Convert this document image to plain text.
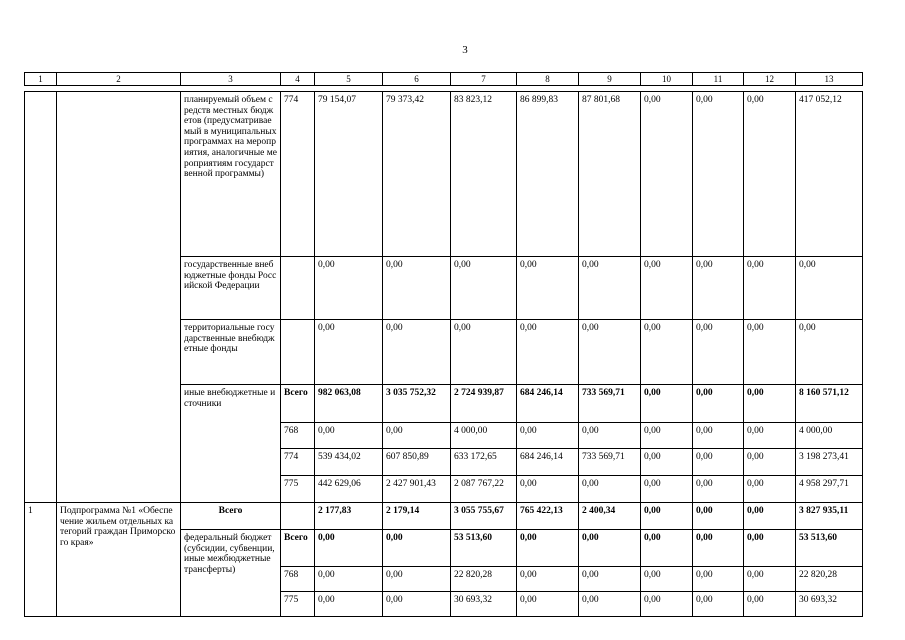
3
1	2	3	4	5	6	7	8	9	10	11	12	13
		планируемый объем средств местных бюджетов (предусматриваемый в муниципальных программах на мероприятия, аналогичные мероприятиям государственной программы)	774	79 154,07	79 373,42	83 823,12	86 899,83	87 801,68	0,00	0,00	0,00	417 052,12
		государственные внебюджетные фонды Российской Федерации		0,00	0,00	0,00	0,00	0,00	0,00	0,00	0,00	0,00
		территориальные государственные внебюджетные фонды		0,00	0,00	0,00	0,00	0,00	0,00	0,00	0,00	0,00
		иные внебюджетные источники	Всего	982 063,08	3 035 752,32	2 724 939,87	684 246,14	733 569,71	0,00	0,00	0,00	8 160 571,12
			768	0,00	0,00	4 000,00	0,00	0,00	0,00	0,00	0,00	4 000,00
			774	539 434,02	607 850,89	633 172,65	684 246,14	733 569,71	0,00	0,00	0,00	3 198 273,41
			775	442 629,06	2 427 901,43	2 087 767,22	0,00	0,00	0,00	0,00	0,00	4 958 297,71
1	Подпрограмма №1 «Обеспечение жильем отдельных категорий граждан Приморского края»	Всего		2 177,83	2 179,14	3 055 755,67	765 422,13	2 400,34	0,00	0,00	0,00	3 827 935,11
		федеральный бюджет (субсидии, субвенции, иные межбюджетные трансферты)	Всего	0,00	0,00	53 513,60	0,00	0,00	0,00	0,00	0,00	53 513,60
			768	0,00	0,00	22 820,28	0,00	0,00	0,00	0,00	0,00	22 820,28
			775	0,00	0,00	30 693,32	0,00	0,00	0,00	0,00	0,00	30 693,32
